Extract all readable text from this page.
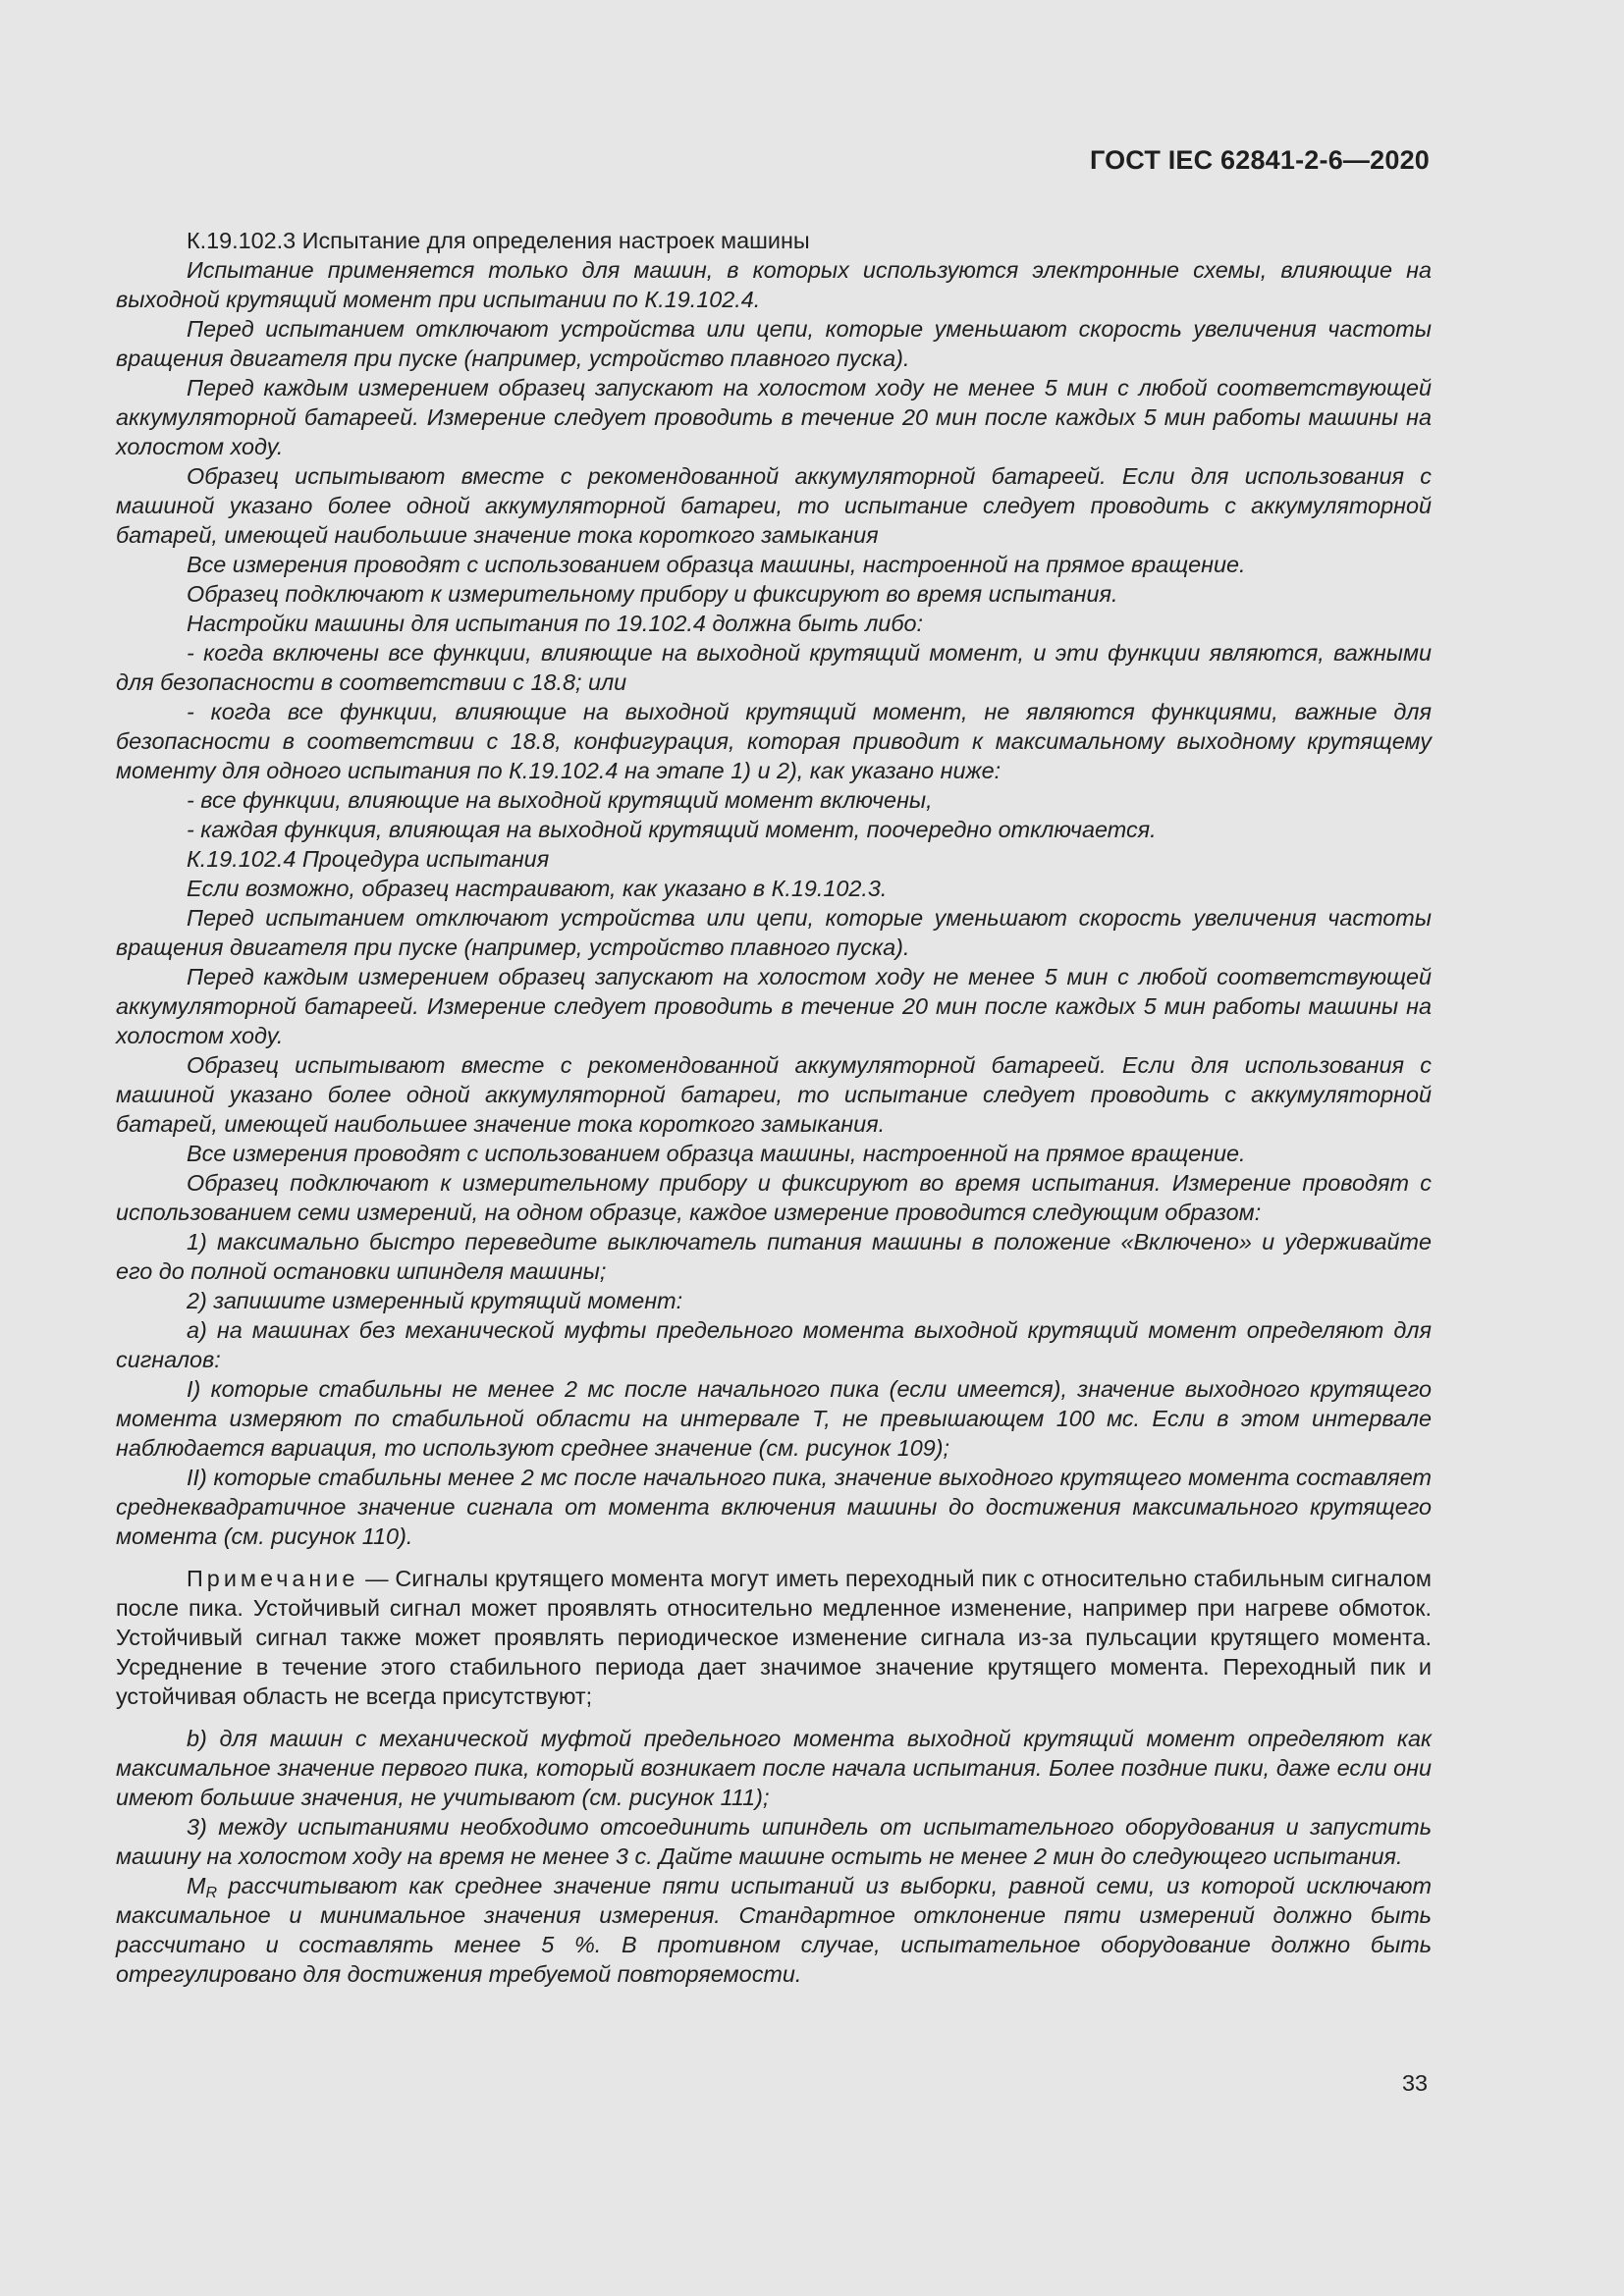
ГОСТ IEC 62841-2-6—2020

К.19.102.3 Испытание для определения настроек машины

Испытание применяется только для машин, в которых используются электронные схемы, влияющие на выходной крутящий момент при испытании по К.19.102.4.

Перед испытанием отключают устройства или цепи, которые уменьшают скорость увеличения частоты вращения двигателя при пуске (например, устройство плавного пуска).

Перед каждым измерением образец запускают на холостом ходу не менее 5 мин с любой соответствующей аккумуляторной батареей. Измерение следует проводить в течение 20 мин после каждых 5 мин работы машины на холостом ходу.

Образец испытывают вместе с рекомендованной аккумуляторной батареей. Если для использования с машиной указано более одной аккумуляторной батареи, то испытание следует проводить с аккумуляторной батарей, имеющей наибольшие значение тока короткого замыкания

Все измерения проводят с использованием образца машины, настроенной на прямое вращение.

Образец подключают к измерительному прибору и фиксируют во время испытания.

Настройки машины для испытания по 19.102.4 должна быть либо:

- когда включены все функции, влияющие на выходной крутящий момент, и эти функции являются, важными для безопасности в соответствии с 18.8; или

- когда все функции, влияющие на выходной крутящий момент, не являются функциями, важные для безопасности в соответствии с 18.8, конфигурация, которая приводит к максимальному выходному крутящему моменту для одного испытания по К.19.102.4 на этапе 1) и 2), как указано ниже:

- все функции, влияющие на выходной крутящий момент включены,

- каждая функция, влияющая на выходной крутящий момент, поочередно отключается.

К.19.102.4 Процедура испытания

Если возможно, образец настраивают, как указано в К.19.102.3.

Перед испытанием отключают устройства или цепи, которые уменьшают скорость увеличения частоты вращения двигателя при пуске (например, устройство плавного пуска).

Перед каждым измерением образец запускают на холостом ходу не менее 5 мин с любой соответствующей аккумуляторной батареей. Измерение следует проводить в течение 20 мин после каждых 5 мин работы машины на холостом ходу.

Образец испытывают вместе с рекомендованной аккумуляторной батареей. Если для использования с машиной указано более одной аккумуляторной батареи, то испытание следует проводить с аккумуляторной батарей, имеющей наибольшее значение тока короткого замыкания.

Все измерения проводят с использованием образца машины, настроенной на прямое вращение.

Образец подключают к измерительному прибору и фиксируют во время испытания. Измерение проводят с использованием семи измерений, на одном образце, каждое измерение проводится следующим образом:

1) максимально быстро переведите выключатель питания машины в положение «Включено» и удерживайте его до полной остановки шпинделя машины;

2) запишите измеренный крутящий момент:

а) на машинах без механической муфты предельного момента выходной крутящий момент определяют для сигналов:

I) которые стабильны не менее 2 мс после начального пика (если имеется), значение выходного крутящего момента измеряют по стабильной области на интервале Т, не превышающем 100 мс. Если в этом интервале наблюдается вариация, то используют среднее значение (см. рисунок 109);

II) которые стабильны менее 2 мс после начального пика, значение выходного крутящего момента составляет среднеквадратичное значение сигнала от момента включения машины до достижения максимального крутящего момента (см. рисунок 110).

Примечание — Сигналы крутящего момента могут иметь переходный пик с относительно стабильным сигналом после пика. Устойчивый сигнал может проявлять относительно медленное изменение, например при нагреве обмоток. Устойчивый сигнал также может проявлять периодическое изменение сигнала из-за пульсации крутящего момента. Усреднение в течение этого стабильного периода дает значимое значение крутящего момента. Переходный пик и устойчивая область не всегда присутствуют;

b) для машин с механической муфтой предельного момента выходной крутящий момент определяют как максимальное значение первого пика, который возникает после начала испытания. Более поздние пики, даже если они имеют большие значения, не учитывают (см. рисунок 111);

3) между испытаниями необходимо отсоединить шпиндель от испытательного оборудования и запустить машину на холостом ходу на время не менее 3 с. Дайте машине остыть не менее 2 мин до следующего испытания.

$M_R$ рассчитывают как среднее значение пяти испытаний из выборки, равной семи, из которой исключают максимальное и минимальное значения измерения. Стандартное отклонение пяти измерений должно быть рассчитано и составлять менее 5 %. В противном случае, испытательное оборудование должно быть отрегулировано для достижения требуемой повторяемости.

33
